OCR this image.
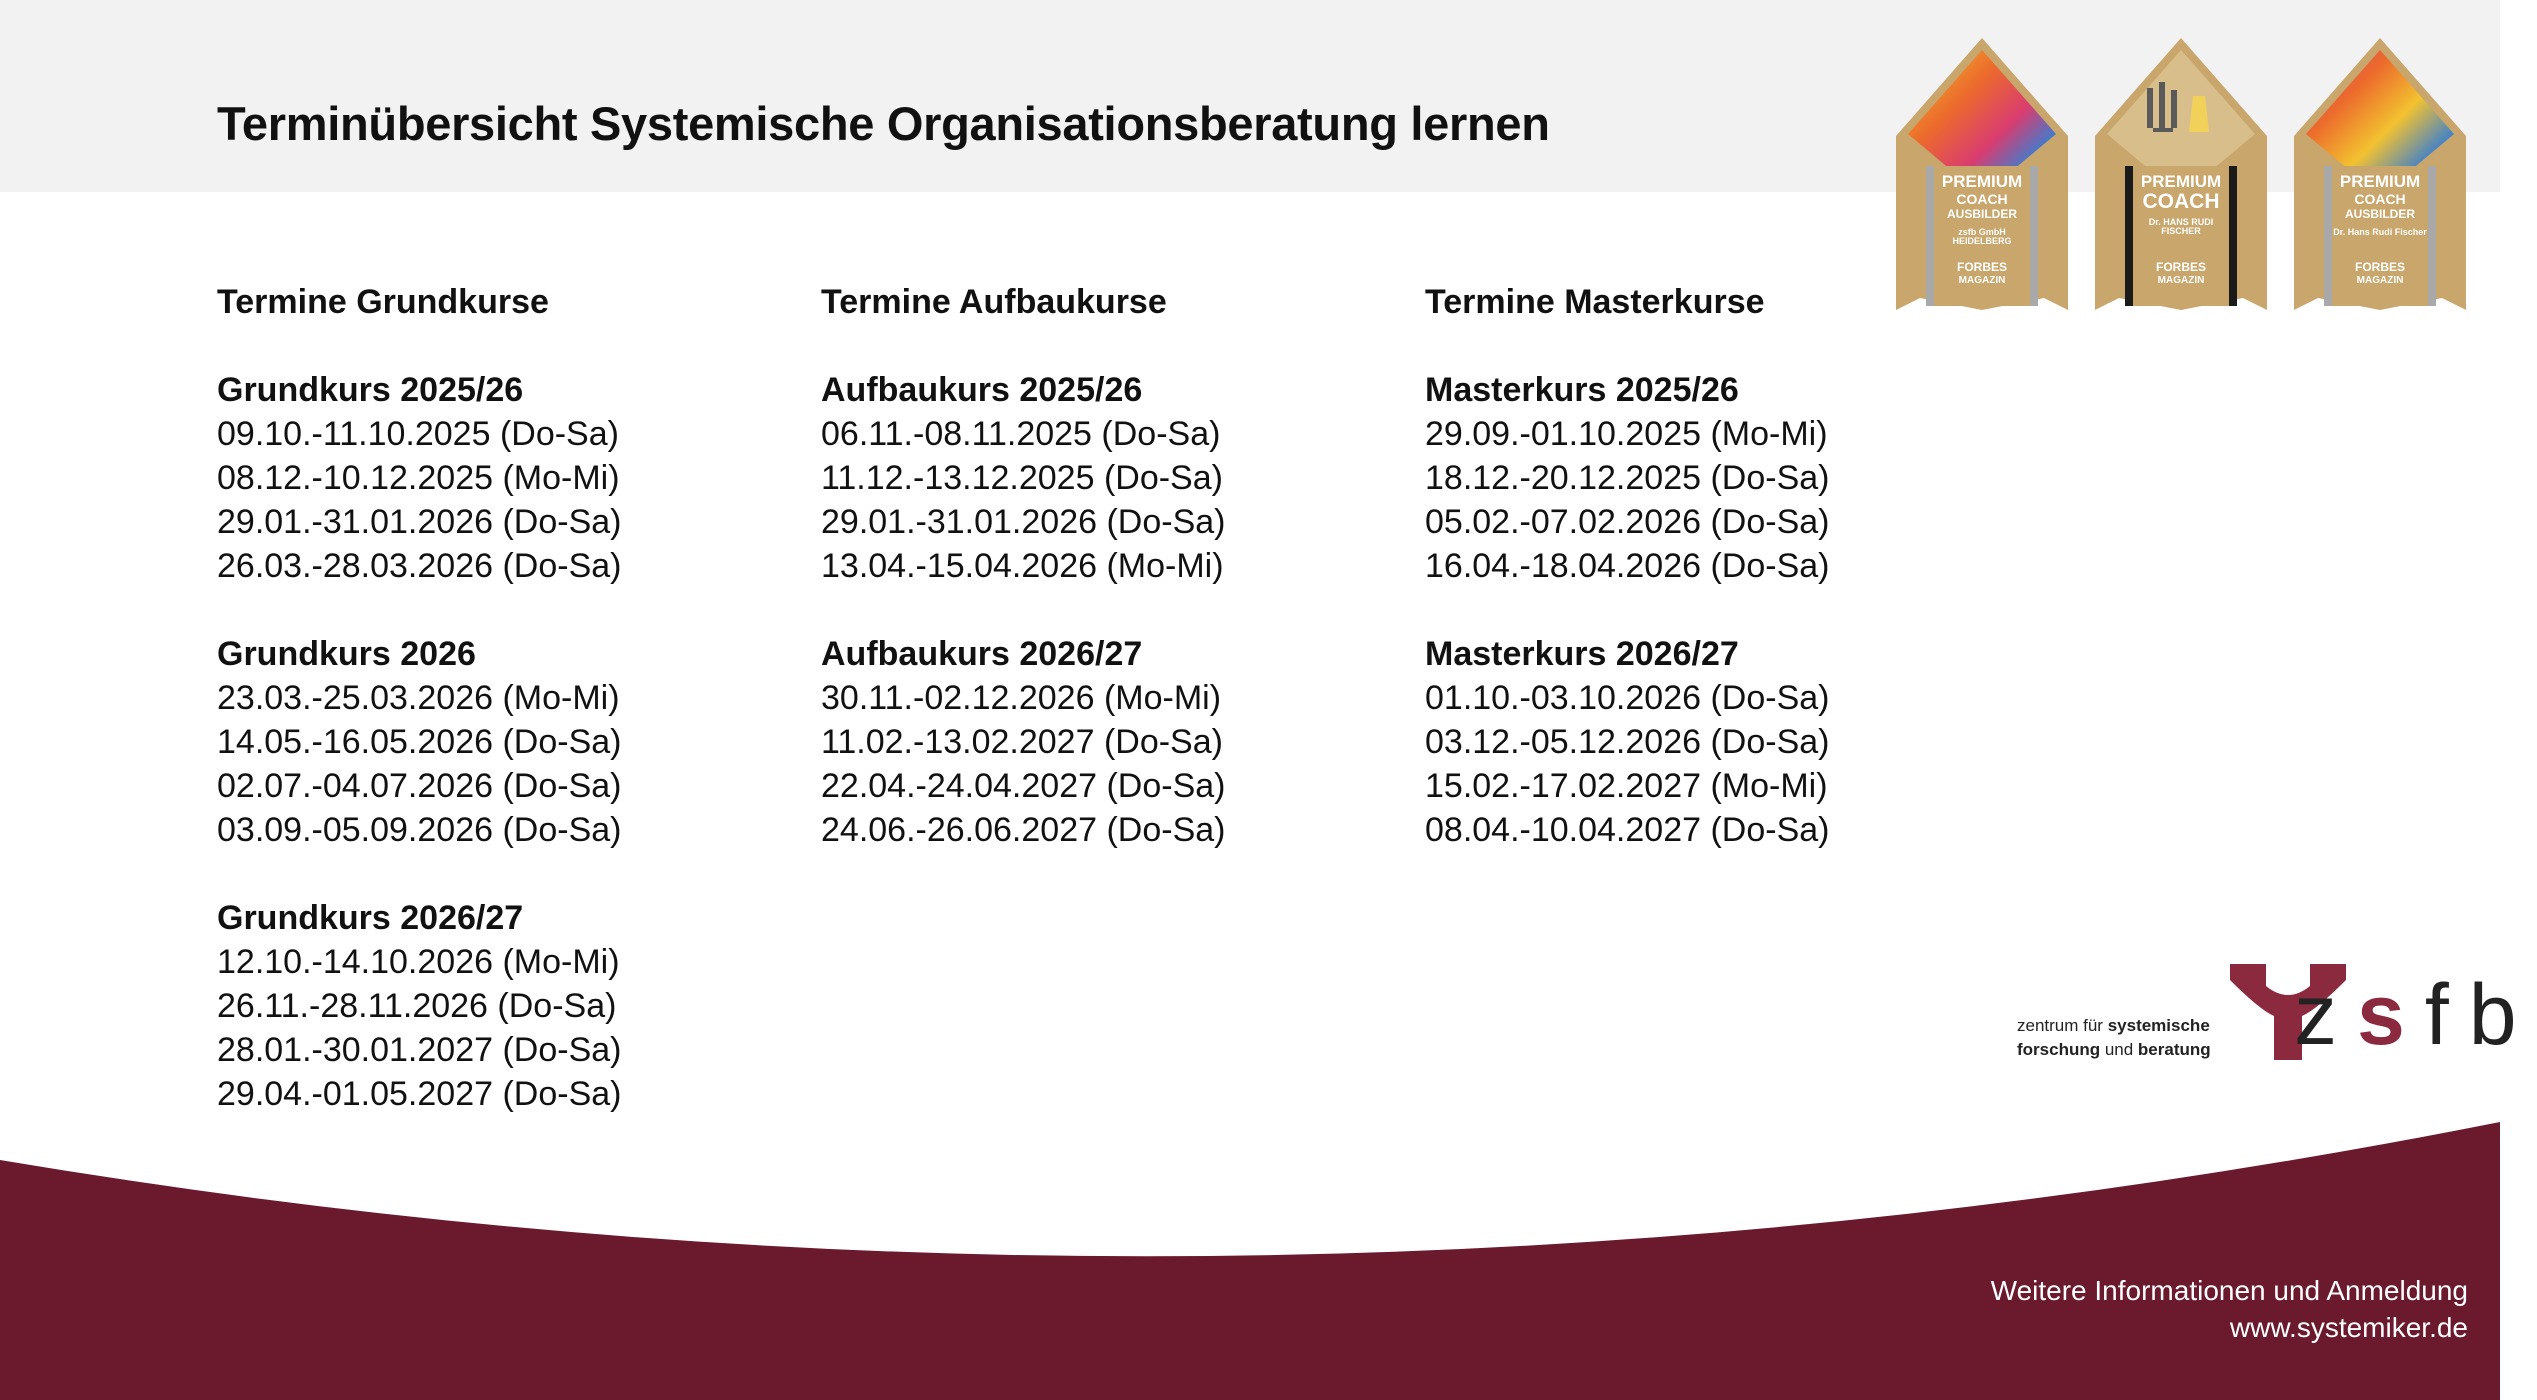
Terminübersicht Systemische Organisationsberatung lernen
Termine Grundkurse
Grundkurs 2025/26
09.10.-11.10.2025 (Do-Sa)
08.12.-10.12.2025 (Mo-Mi)
29.01.-31.01.2026 (Do-Sa)
26.03.-28.03.2026 (Do-Sa)
Grundkurs 2026
23.03.-25.03.2026 (Mo-Mi)
14.05.-16.05.2026 (Do-Sa)
02.07.-04.07.2026 (Do-Sa)
03.09.-05.09.2026 (Do-Sa)
Grundkurs 2026/27
12.10.-14.10.2026 (Mo-Mi)
26.11.-28.11.2026 (Do-Sa)
28.01.-30.01.2027 (Do-Sa)
29.04.-01.05.2027 (Do-Sa)
Termine Aufbaukurse
Aufbaukurs 2025/26
06.11.-08.11.2025 (Do-Sa)
11.12.-13.12.2025 (Do-Sa)
29.01.-31.01.2026 (Do-Sa)
13.04.-15.04.2026 (Mo-Mi)
Aufbaukurs 2026/27
30.11.-02.12.2026 (Mo-Mi)
11.02.-13.02.2027 (Do-Sa)
22.04.-24.04.2027 (Do-Sa)
24.06.-26.06.2027 (Do-Sa)
Termine Masterkurse
Masterkurs 2025/26
29.09.-01.10.2025 (Mo-Mi)
18.12.-20.12.2025 (Do-Sa)
05.02.-07.02.2026 (Do-Sa)
16.04.-18.04.2026 (Do-Sa)
Masterkurs 2026/27
01.10.-03.10.2026 (Do-Sa)
03.12.-05.12.2026 (Do-Sa)
15.02.-17.02.2027 (Mo-Mi)
08.04.-10.04.2027 (Do-Sa)
PREMIUM
COACH
AUSBILDER
zsfb GmbH HEIDELBERG
FORBES
MAGAZIN
PREMIUM
COACH
Dr. HANS RUDI FISCHER
FORBES
MAGAZIN
PREMIUM
COACH
AUSBILDER
Dr. Hans Rudi Fischer
FORBES
MAGAZIN
zentrum für systemische
forschung und beratung zsfb
Weitere Informationen und Anmeldung
www.systemiker.de
